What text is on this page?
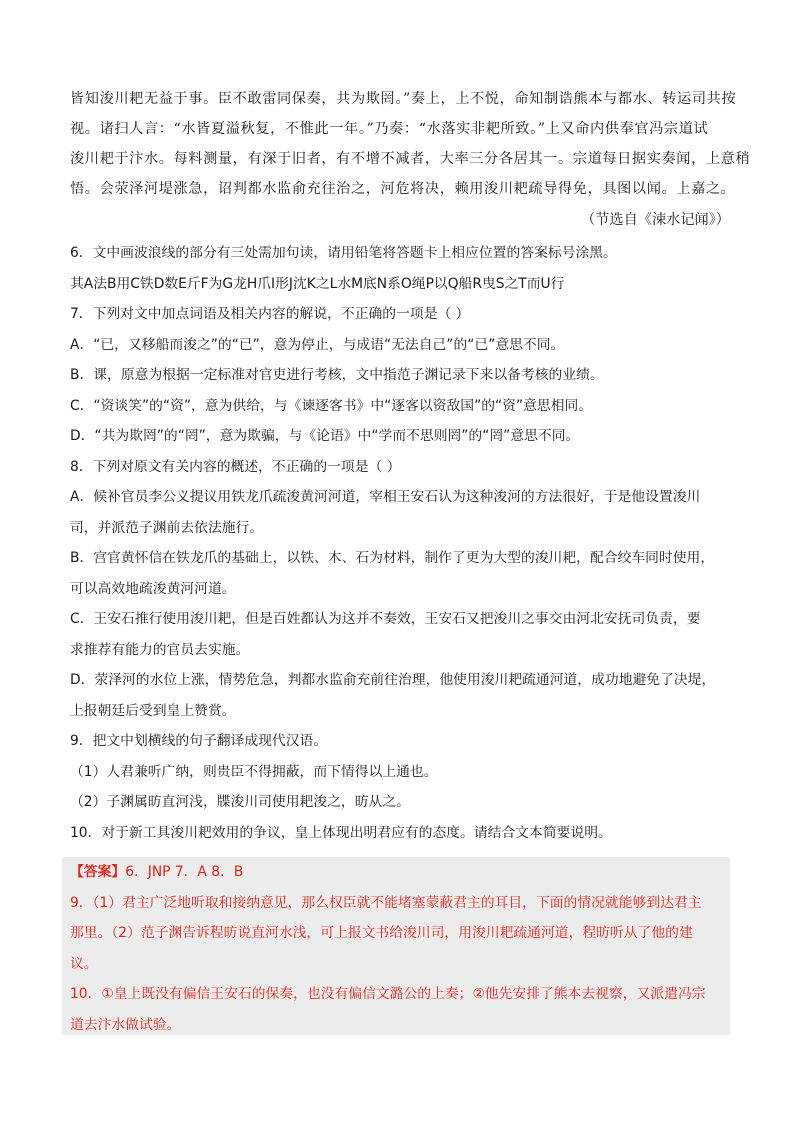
皆知浚川耙无益于事。臣不敢雷同保奏，共为欺罔。”奏上，上不悦，命知制诰熊本与都水、转运司共按
视。诸扫人言：“水皆夏溢秋复，不惟此一年。”乃奏：“水落实非耙所致。”上又命内供奉官冯宗道试
浚川耙于汴水。每料测量，有深于旧者，有不增不减者，大率三分各居其一。宗道每日据实奏闻，上意稍
悟。会荥泽河堤涨急，诏判都水监俞充往治之，河危将决，赖用浚川耙疏导得免，具图以闻。上嘉之。
（节选自《涑水记闻》）
6．文中画波浪线的部分有三处需加句读，请用铅笔将答题卡上相应位置的答案标号涂黑。
其A法B用C铁D数E斤F为G龙H爪I形J沈K之L水M底N系O绳P以Q船R曳S之T而U行
7．下列对文中加点词语及相关内容的解说，不正确的一项是（ ）
A．“已，又移船而浚之”的“已”，意为停止，与成语“无法自己”的“已”意思不同。
B．课，原意为根据一定标准对官吏进行考核，文中指范子渊记录下来以备考核的业绩。
C．“资谈笑”的“资”，意为供给，与《谏逐客书》中“逐客以资敌国”的“资”意思相同。
D．“共为欺罔”的“罔”，意为欺骗，与《论语》中“学而不思则罔”的“罔”意思不同。
8．下列对原文有关内容的概述，不正确的一项是（ ）
A．候补官员李公义提议用铁龙爪疏浚黄河河道，宰相王安石认为这种浚河的方法很好，于是他设置浚川
司，并派范子渊前去依法施行。
B．宫官黄怀信在铁龙爪的基础上，以铁、木、石为材料，制作了更为大型的浚川耙，配合绞车同时使用，
可以高效地疏浚黄河河道。
C．王安石推行使用浚川耙，但是百姓都认为这并不奏效，王安石又把浚川之事交由河北安抚司负责，要
求推荐有能力的官员去实施。
D．荥泽河的水位上涨，情势危急，判都水监俞充前往治理，他使用浚川耙疏通河道，成功地避免了决堤，
上报朝廷后受到皇上赞赏。
9．把文中划横线的句子翻译成现代汉语。
（1）人君兼听广纳，则贵臣不得拥蔽，而下情得以上通也。
（2）子渊属昉直河浅，牒浚川司使用耙浚之，昉从之。
10．对于新工具浚川耙效用的争议，皇上体现出明君应有的态度。请结合文本简要说明。
【答案】6．JNP 7．A 8．B
9．（1）君主广泛地听取和接纳意见，那么权臣就不能堵塞蒙蔽君主的耳目，下面的情况就能够到达君主
那里。（2）范子渊告诉程昉说直河水浅，可上报文书给浚川司，用浚川耙疏通河道，程昉听从了他的建
议。
10．①皇上既没有偏信王安石的保奏，也没有偏信文潞公的上奏；②他先安排了熊本去视察，又派遣冯宗
道去汴水做试验。
